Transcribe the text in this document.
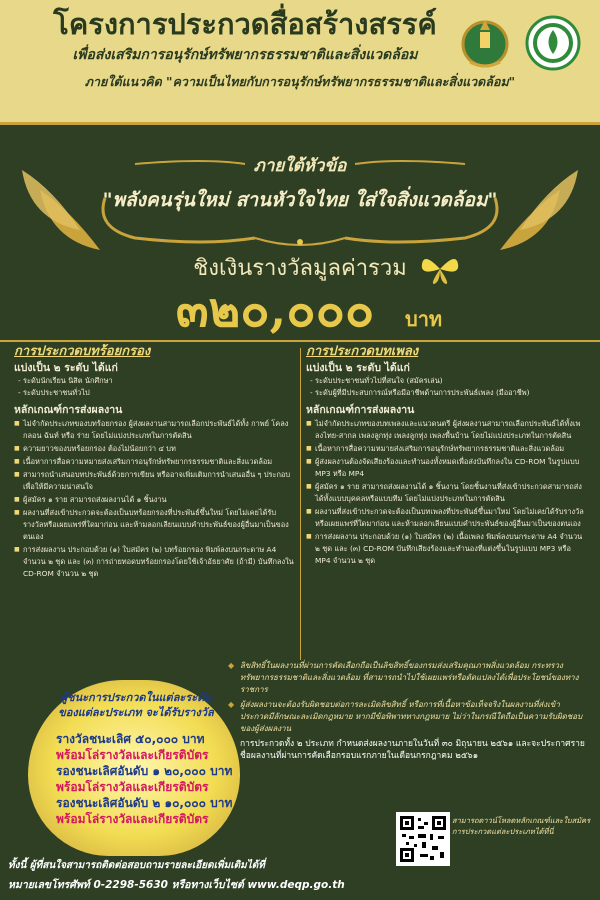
โครงการประกวดสื่อสร้างสรรค์
เพื่อส่งเสริมการอนุรักษ์ทรัพยากรธรรมชาติและสิ่งแวดล้อม
ภายใต้แนวคิด "ความเป็นไทยกับการอนุรักษ์ทรัพยากรธรรมชาติและสิ่งแวดล้อม"
ภายใต้หัวข้อ
"พลังคนรุ่นใหม่ สานหัวใจไทย ใส่ใจสิ่งแวดล้อม"
ชิงเงินรางวัลมูลค่ารวม
๓๒๐,๐๐๐	บาท
การประกวดบทร้อยกรอง
แบ่งเป็น ๒ ระดับ ได้แก่
- ระดับนักเรียน นิสิต นักศึกษา
- ระดับประชาชนทั่วไป
หลักเกณฑ์การส่งผลงาน
■ ไม่จำกัดประเภทของบทร้อยกรอง ผู้ส่งผลงานสามารถเลือกประพันธ์ได้ทั้ง กาพย์ โคลง กลอน ฉันท์ หรือ ร่าย โดยไม่แบ่งประเภทในการตัดสิน
■ ความยาวของบทร้อยกรอง ต้องไม่น้อยกว่า ๔ บท
■ เนื้อหาการสื่อความหมายส่งเสริมการอนุรักษ์ทรัพยากรธรรมชาติและสิ่งแวดล้อม
■ สามารถนำเสนอบทประพันธ์ด้วยการเขียน หรืออาจเพิ่มเติมการนำเสนออื่น ๆ ประกอบเพื่อให้มีความน่าสนใจ
■ ผู้สมัคร ๑ ราย สามารถส่งผลงานได้ ๑ ชิ้นงาน
■ ผลงานที่ส่งเข้าประกวดจะต้องเป็นบทร้อยกรองที่ประพันธ์ขึ้นใหม่ โดยไม่เคยได้รับรางวัลหรือเผยแพร่ที่ใดมาก่อน และห้ามลอกเลียนแบบคำประพันธ์ของผู้อื่นมาเป็นของตนเอง
■ การส่งผลงาน ประกอบด้วย (๑) ใบสมัคร (๒) บทร้อยกรอง พิมพ์ลงบนกระดาษ A4 จำนวน ๒ ชุด และ (๓) การถ่ายทอดบทร้อยกรองโดยใช้เจ้าอัธยาศัย (ถ้ามี) บันทึกลงใน CD-ROM จำนวน ๒ ชุด
การประกวดบทเพลง
แบ่งเป็น ๒ ระดับ ได้แก่
- ระดับประชาชนทั่วไปที่สนใจ (สมัครเล่น)
- ระดับผู้ที่มีประสบการณ์หรือมีอาชีพด้านการประพันธ์เพลง (มืออาชีพ)
หลักเกณฑ์การส่งผลงาน
■ ไม่จำกัดประเภทของบทเพลงและแนวดนตรี ผู้ส่งผลงานสามารถเลือกประพันธ์ได้ทั้งเพลงไทย-สากล เพลงลูกทุ่ง เพลงลูกทุ่ง เพลงพื้นบ้าน โดยไม่แบ่งประเภทในการตัดสิน
■ เนื้อหาการสื่อความหมายส่งเสริมการอนุรักษ์ทรัพยากรธรรมชาติและสิ่งแวดล้อม
■ ผู้ส่งผลงานต้องจัดเสียงร้องและทำนองทั้งหมดเพื่อส่งบันทึกลงใน CD-ROM ในรูปแบบ MP3 หรือ MP4
■ ผู้สมัคร ๑ ราย สามารถส่งผลงานได้ ๑ ชิ้นงาน โดยชิ้นงานที่ส่งเข้าประกวดสามารถส่งได้ทั้งแบบบุคคลหรือแบบทีม โดยไม่แบ่งประเภทในการตัดสิน
■ ผลงานที่ส่งเข้าประกวดจะต้องเป็นบทเพลงที่ประพันธ์ขึ้นมาใหม่ โดยไม่เคยได้รับรางวัลหรือเผยแพร่ที่ใดมาก่อน และห้ามลอกเลียนแบบคำประพันธ์ของผู้อื่นมาเป็นของตนเอง
■ การส่งผลงาน ประกอบด้วย (๑) ใบสมัคร (๒) เนื้อเพลง พิมพ์ลงบนกระดาษ A4 จำนวน ๒ ชุด และ (๓) CD-ROM บันทึกเสียงร้องและทำนองที่แต่งขึ้นในรูปแบบ MP3 หรือ MP4 จำนวน ๒ ชุด
◆ ลิขสิทธิ์ในผลงานที่ผ่านการคัดเลือกถือเป็นลิขสิทธิ์ของกรมส่งเสริมคุณภาพสิ่งแวดล้อม กระทรวงทรัพยากรธรรมชาติและสิ่งแวดล้อม ที่สามารถนำไปใช้เผยแพร่หรือดัดแปลงได้เพื่อประโยชน์ของทางราชการ
◆ ผู้ส่งผลงานจะต้องรับผิดชอบต่อการละเมิดลิขสิทธิ์ หรือการที่เนื้อหาข้อเท็จจริงในผลงานที่ส่งเข้าประกวดมีลักษณะละเมิดกฎหมาย หากมีข้อพิพาททางกฎหมาย ไม่ว่าในกรณีใดถือเป็นความรับผิดชอบของผู้ส่งผลงาน
• การประกวดทั้ง ๒ ประเภท กำหนดส่งผลงานภายในวันที่ ๓๐ มิถุนายน ๒๕๖๑ และจะประกาศรายชื่อผลงานที่ผ่านการคัดเลือกรอบแรกภายในเดือนกรกฎาคม ๒๕๖๑
ผู้ชนะการประกวดในแต่ละระดับ
ของแต่ละประเภท จะได้รับรางวัล
รางวัลชนะเลิศ ๕๐,๐๐๐ บาท
พร้อมโล่รางวัลและเกียรติบัตร
รองชนะเลิศอันดับ ๑ ๒๐,๐๐๐ บาท
พร้อมโล่รางวัลและเกียรติบัตร
รองชนะเลิศอันดับ ๒ ๑๐,๐๐๐ บาท
พร้อมโล่รางวัลและเกียรติบัตร	สามารถดาวน์โหลดหลักเกณฑ์และใบสมัครการประกวดแต่ละประเภทได้ที่นี่
ทั้งนี้ ผู้ที่สนใจสามารถติดต่อสอบถามรายละเอียดเพิ่มเติมได้ที่
หมายเลขโทรศัพท์ 0-2298-5630 หรือทางเว็บไซต์ www.deqp.go.th
